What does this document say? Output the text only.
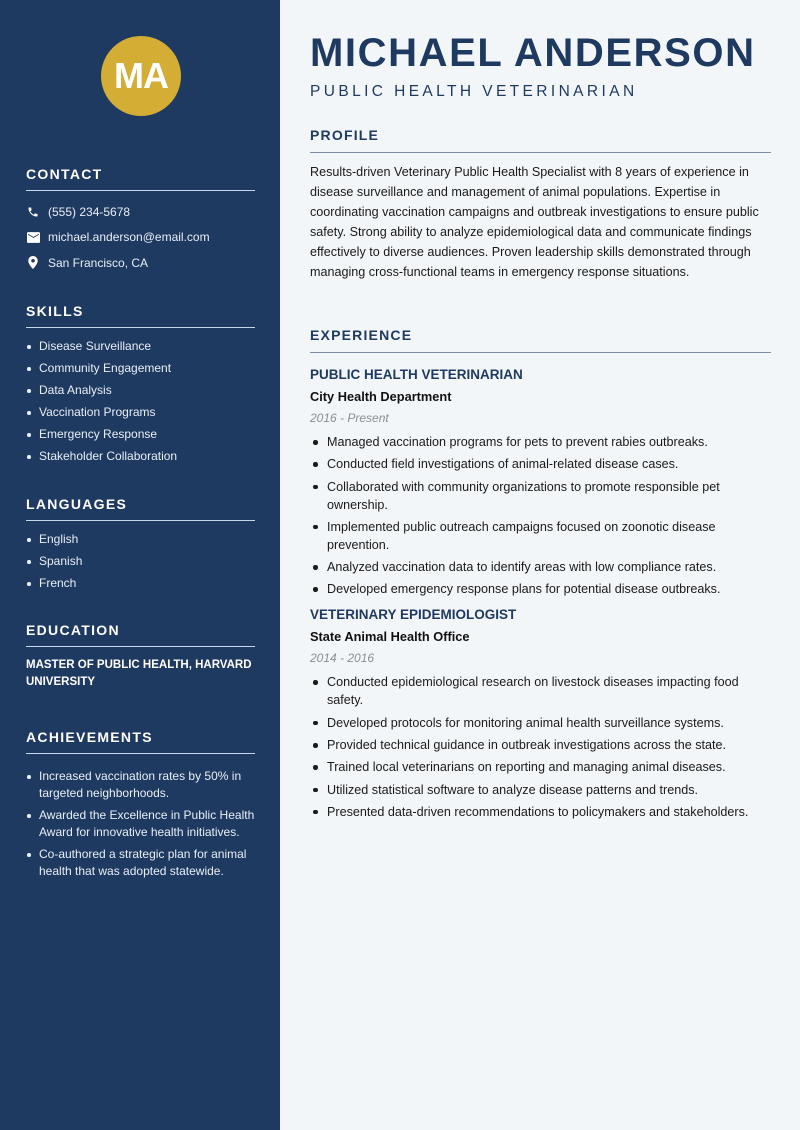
MA
CONTACT
(555) 234-5678
michael.anderson@email.com
San Francisco, CA
SKILLS
Disease Surveillance
Community Engagement
Data Analysis
Vaccination Programs
Emergency Response
Stakeholder Collaboration
LANGUAGES
English
Spanish
French
EDUCATION
MASTER OF PUBLIC HEALTH, HARVARD UNIVERSITY
ACHIEVEMENTS
Increased vaccination rates by 50% in targeted neighborhoods.
Awarded the Excellence in Public Health Award for innovative health initiatives.
Co-authored a strategic plan for animal health that was adopted statewide.
MICHAEL ANDERSON
PUBLIC HEALTH VETERINARIAN
PROFILE

Results-driven Veterinary Public Health Specialist with 8 years of experience in disease surveillance and management of animal populations. Expertise in coordinating vaccination campaigns and outbreak investigations to ensure public safety. Strong ability to analyze epidemiological data and communicate findings effectively to diverse audiences. Proven leadership skills demonstrated through managing cross-functional teams in emergency response situations.

EXPERIENCE
PUBLIC HEALTH VETERINARIAN
City Health Department
2016 - Present
Managed vaccination programs for pets to prevent rabies outbreaks.
Conducted field investigations of animal-related disease cases.
Collaborated with community organizations to promote responsible pet ownership.
Implemented public outreach campaigns focused on zoonotic disease prevention.
Analyzed vaccination data to identify areas with low compliance rates.
Developed emergency response plans for potential disease outbreaks.
VETERINARY EPIDEMIOLOGIST
State Animal Health Office
2014 - 2016
Conducted epidemiological research on livestock diseases impacting food safety.
Developed protocols for monitoring animal health surveillance systems.
Provided technical guidance in outbreak investigations across the state.
Trained local veterinarians on reporting and managing animal diseases.
Utilized statistical software to analyze disease patterns and trends.
Presented data-driven recommendations to policymakers and stakeholders.
